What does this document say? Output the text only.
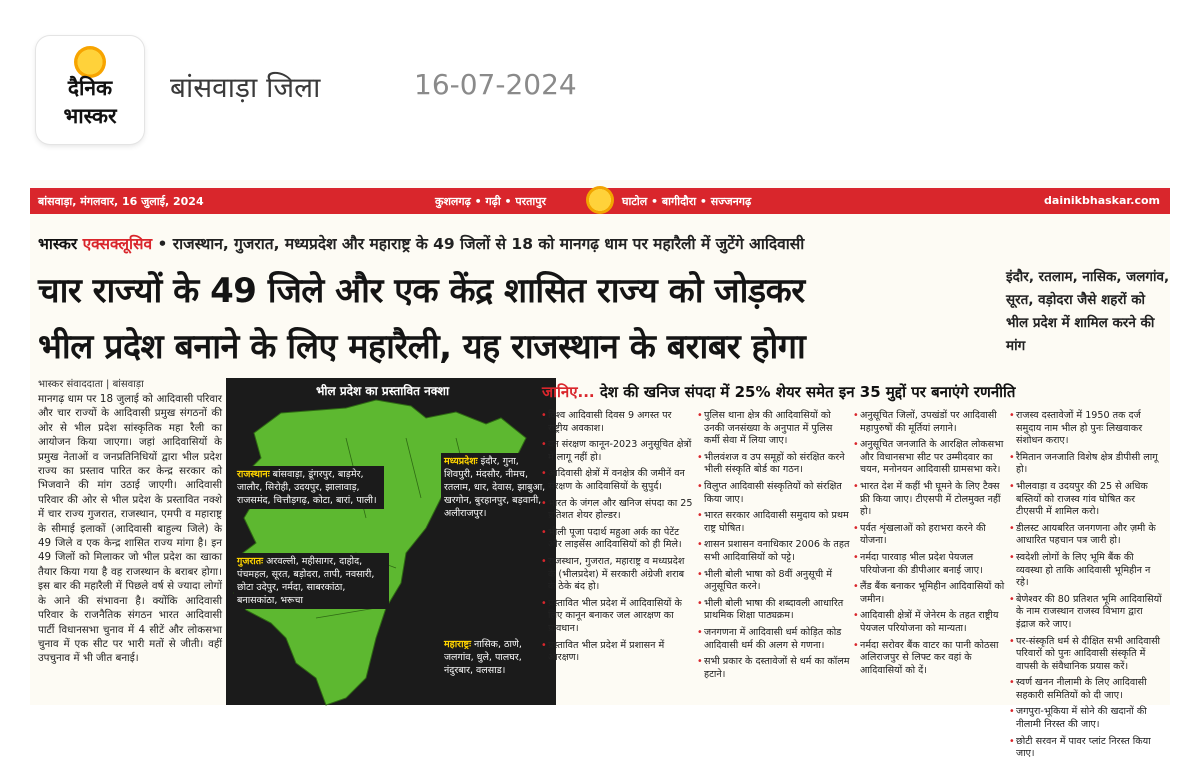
दैनिक
भास्कर
बांसवाड़ा जिला	16-07-2024
बांसवाड़ा, मंगलवार, 16 जुलाई, 2024	कुशलगढ़ • गढ़ी • परतापुर	घाटोल • बागीदौरा • सज्जनगढ़	dainikbhaskar.com
भास्कर एक्सक्लूसिव • राजस्थान, गुजरात, मध्यप्रदेश और महाराष्ट्र के 49 जिलों से 18 को मानगढ़ धाम पर महारैली में जुटेंगे आदिवासी
चार राज्यों के 49 जिले और एक केंद्र शासित राज्य को जोड़कर
भील प्रदेश बनाने के लिए महारैली, यह राजस्थान के बराबर होगा
इंदौर, रतलाम, नासिक, जलगांव, सूरत, वड़ोदरा जैसे शहरों को भील प्रदेश में शामिल करने की मांग
भास्कर संवाददाता | बांसवाड़ा
मानगढ़ धाम पर 18 जुलाई को आदिवासी परिवार और चार राज्यों के आदिवासी प्रमुख संगठनों की ओर से भील प्रदेश सांस्कृतिक महा रैली का आयोजन किया जाएगा। जहां आदिवासियों के प्रमुख नेताओं व जनप्रतिनिधियों द्वारा भील प्रदेश राज्य का प्रस्ताव पारित कर केन्द्र सरकार को भिजवाने की मांग उठाई जाएगी। आदिवासी परिवार की ओर से भील प्रदेश के प्रस्तावित नक्शे में चार राज्य गुजरात, राजस्थान, एमपी व महाराष्ट्र के सीमाई इलाकों (आदिवासी बाहुल्य जिले) के 49 जिले व एक केन्द्र शासित राज्य मांगा है। इन 49 जिलों को मिलाकर जो भील प्रदेश का खाका तैयार किया गया है वह राजस्थान के बराबर होगा। इस बार की महारैली में पिछले वर्ष से ज्यादा लोगों के आने की संभावना है। क्योंकि आदिवासी परिवार के राजनैतिक संगठन भारत आदिवासी पार्टी विधानसभा चुनाव में 4 सीटें और लोकसभा चुनाव में एक सीट पर भारी मतों से जीती। वहीं उपचुनाव में भी जीत बनाई।
भील प्रदेश का प्रस्तावित नक्शा
राजस्थानः बांसवाड़ा, डूंगरपुर, बाड़मेर, जालौर, सिरोही, उदयपुर, झालावाड़, राजसमंद, चित्तौड़गढ़, कोटा, बारां, पाली।
गुजरातः अरवल्ली, महीसागर, दाहोद, पंचमहल, सूरत, बड़ोदरा, तापी, नवसारी, छोटा उदेपुर, नर्मदा, साबरकांठा, बनासकांठा, भरूचा
मध्यप्रदेशः इंदौर, गुना, शिवपुरी, मंदसौर, नीमच, रतलाम, धार, देवास, झाबुआ, खरगोन, बुरहानपुर, बड़वानी, अलीराजपुर।
महाराष्ट्रः नासिक, ठाणे, जलगांव, धुले, पालघर, नंदुरबार, वलसाड।
जानिए... देश की खनिज संपदा में 25% शेयर समेत इन 35 मुद्दों पर बनाएंगे रणनीति

• विश्व आदिवासी दिवस 9 अगस्त पर राष्ट्रीय अवकाश।

• वन संरक्षण कानून-2023 अनुसूचित क्षेत्रों में लागू नहीं हो।

• आदिवासी क्षेत्रों में वनक्षेत्र की जमीनें वन संरक्षण के आदिवासियों के सुपुर्द।

• भारत के जंगल और खनिज संपदा का 25 प्रतिशत शेयर होल्डर।

• भीली पूजा पदार्थ महुआ अर्क का पेटेंट और लाइसेंस आदिवासियों को ही मिले।

• राजस्थान, गुजरात, महाराष्ट्र व मध्यप्रदेश के (भीलप्रदेश) में सरकारी अंग्रेजी शराब के ठेके बंद हो।

• प्रस्तावित भील प्रदेश में आदिवासियों के लिए कानून बनाकर जल आरक्षण का प्रावधान।

• प्रस्तावित भील प्रदेश में प्रशासन में आरक्षण।

• पुलिस थाना क्षेत्र की आदिवासियों को उनकी जनसंख्या के अनुपात में पुलिस कर्मी सेवा में लिया जाए।

• भीलवंशज व उप समूहों को संरक्षित करने भीली संस्कृति बोर्ड का गठन।

• विलुप्त आदिवासी संस्कृतियों को संरक्षित किया जाए।

• भारत सरकार आदिवासी समुदाय को प्रथम राष्ट्र घोषित।

• शासन प्रशासन वनाधिकार 2006 के तहत सभी आदिवासियों को पट्टे।

• भीली बोली भाषा को 8वीं अनुसूची में अनुसूचित करने।

• भीली बोली भाषा की शब्दावली आधारित प्राथमिक शिक्षा पाठ्यक्रम।

• जनगणना में आदिवासी धर्म कोड़ित कोड आदिवासी धर्म की अलग से गणना।

• सभी प्रकार के दस्तावेजों से धर्म का कॉलम हटाने।

• अनुसूचित जिलों, उपखंडों पर आदिवासी महापुरुषों की मूर्तियां लगाने।

• अनुसूचित जनजाति के आरक्षित लोकसभा और विधानसभा सीट पर उम्मीदवार का चयन, मनोनयन आदिवासी ग्रामसभा करे।

• भारत देश में कहीं भी घूमने के लिए टैक्स फ्री किया जाए। टीएसपी में टोलमुक्त नहीं हो।

• पर्वत शृंखलाओं को हराभरा करने की योजना।

• नर्मदा पारवाड़ भील प्रदेश पेयजल परियोजना की डीपीआर बनाई जाए।

• लैंड बैंक बनाकर भूमिहीन आदिवासियों को जमीन।

• आदिवासी क्षेत्रों में जेनेरम के तहत राष्ट्रीय पेयजल परियोजना को मान्यता।

• नर्मदा सरोवर बैंक वाटर का पानी कोठसा अलिराजपुर से लिफ्ट कर वहां के आदिवासियों को दें।

• राजस्व दस्तावेजों में 1950 तक दर्ज समुदाय नाम भील हो पुनः लिखवाकर संशोधन कराए।

• रैमितान जनजाति विशेष क्षेत्र डीपीसी लागू हो।

• भीलवाड़ा व उदयपुर की 25 से अधिक बस्तियों को राजस्व गांव घोषित कर टीएसपी में शामिल करो।

• डीलस्ट आयबरित जनगणना और ज़मी के आधारित पहचान पत्र जारी हो।

• स्वदेशी लोगों के लिए भूमि बैंक की व्यवस्था हो ताकि आदिवासी भूमिहीन न रहे।

• बेणेश्वर की 80 प्रतिशत भूमि आदिवासियों के नाम राजस्थान राजस्व विभाग द्वारा इंद्राज करे जाए।

• पर-संस्कृति धर्म से दीक्षित सभी आदिवासी परिवारों को पुनः आदिवासी संस्कृति में वापसी के संवैधानिक प्रयास करें।

• स्वर्ण खनन नीलामी के लिए आदिवासी सहकारी समितियों को दी जाए।

• जगपुरा-भूकिया में सोने की खदानों की नीलामी निरस्त की जाए।

• छोटी सरवन में पावर प्लांट निरस्त किया जाए।
